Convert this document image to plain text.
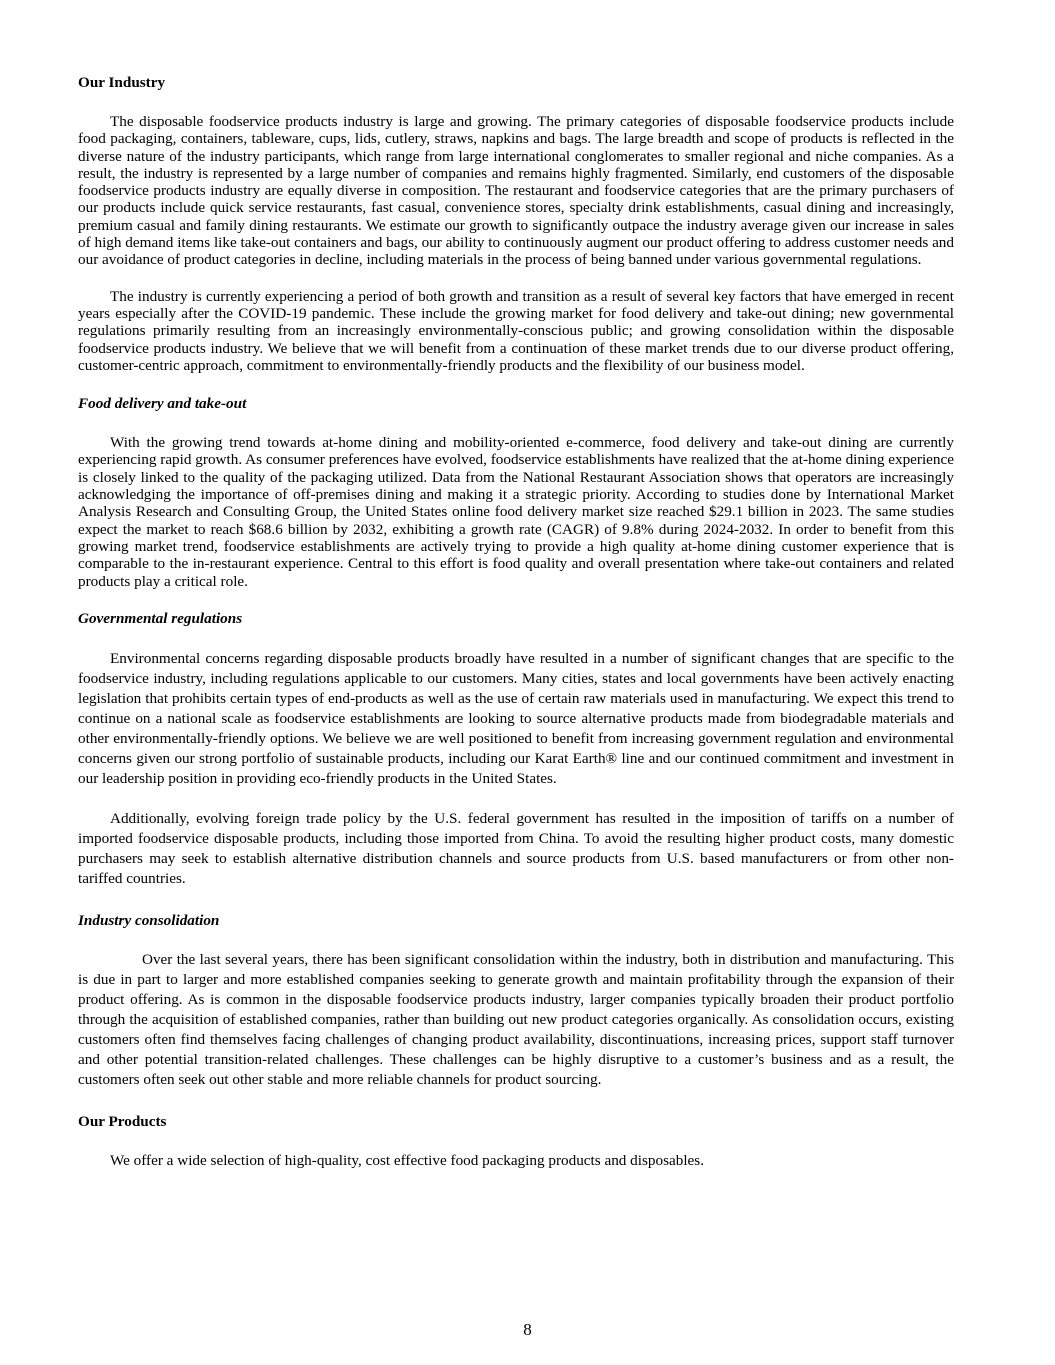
Our Industry

The disposable foodservice products industry is large and growing. The primary categories of disposable foodservice products include food packaging, containers, tableware, cups, lids, cutlery, straws, napkins and bags. The large breadth and scope of products is reflected in the diverse nature of the industry participants, which range from large international conglomerates to smaller regional and niche companies. As a result, the industry is represented by a large number of companies and remains highly fragmented. Similarly, end customers of the disposable foodservice products industry are equally diverse in composition. The restaurant and foodservice categories that are the primary purchasers of our products include quick service restaurants, fast casual, convenience stores, specialty drink establishments, casual dining and increasingly, premium casual and family dining restaurants. We estimate our growth to significantly outpace the industry average given our increase in sales of high demand items like take-out containers and bags, our ability to continuously augment our product offering to address customer needs and our avoidance of product categories in decline, including materials in the process of being banned under various governmental regulations.

The industry is currently experiencing a period of both growth and transition as a result of several key factors that have emerged in recent years especially after the COVID-19 pandemic. These include the growing market for food delivery and take-out dining; new governmental regulations primarily resulting from an increasingly environmentally-conscious public; and growing consolidation within the disposable foodservice products industry. We believe that we will benefit from a continuation of these market trends due to our diverse product offering, customer-centric approach, commitment to environmentally-friendly products and the flexibility of our business model.

Food delivery and take-out

With the growing trend towards at-home dining and mobility-oriented e-commerce, food delivery and take-out dining are currently experiencing rapid growth. As consumer preferences have evolved, foodservice establishments have realized that the at-home dining experience is closely linked to the quality of the packaging utilized. Data from the National Restaurant Association shows that operators are increasingly acknowledging the importance of off-premises dining and making it a strategic priority. According to studies done by International Market Analysis Research and Consulting Group, the United States online food delivery market size reached $29.1 billion in 2023. The same studies expect the market to reach $68.6 billion by 2032, exhibiting a growth rate (CAGR) of 9.8% during 2024-2032. In order to benefit from this growing market trend, foodservice establishments are actively trying to provide a high quality at-home dining customer experience that is comparable to the in-restaurant experience. Central to this effort is food quality and overall presentation where take-out containers and related products play a critical role.

Governmental regulations

Environmental concerns regarding disposable products broadly have resulted in a number of significant changes that are specific to the foodservice industry, including regulations applicable to our customers. Many cities, states and local governments have been actively enacting legislation that prohibits certain types of end-products as well as the use of certain raw materials used in manufacturing. We expect this trend to continue on a national scale as foodservice establishments are looking to source alternative products made from biodegradable materials and other environmentally-friendly options. We believe we are well positioned to benefit from increasing government regulation and environmental concerns given our strong portfolio of sustainable products, including our Karat Earth® line and our continued commitment and investment in our leadership position in providing eco-friendly products in the United States.

Additionally, evolving foreign trade policy by the U.S. federal government has resulted in the imposition of tariffs on a number of imported foodservice disposable products, including those imported from China. To avoid the resulting higher product costs, many domestic purchasers may seek to establish alternative distribution channels and source products from U.S. based manufacturers or from other non-tariffed countries.

Industry consolidation

Over the last several years, there has been significant consolidation within the industry, both in distribution and manufacturing. This is due in part to larger and more established companies seeking to generate growth and maintain profitability through the expansion of their product offering. As is common in the disposable foodservice products industry, larger companies typically broaden their product portfolio through the acquisition of established companies, rather than building out new product categories organically. As consolidation occurs, existing customers often find themselves facing challenges of changing product availability, discontinuations, increasing prices, support staff turnover and other potential transition-related challenges. These challenges can be highly disruptive to a customer’s business and as a result, the customers often seek out other stable and more reliable channels for product sourcing.

Our Products

We offer a wide selection of high-quality, cost effective food packaging products and disposables.

8
